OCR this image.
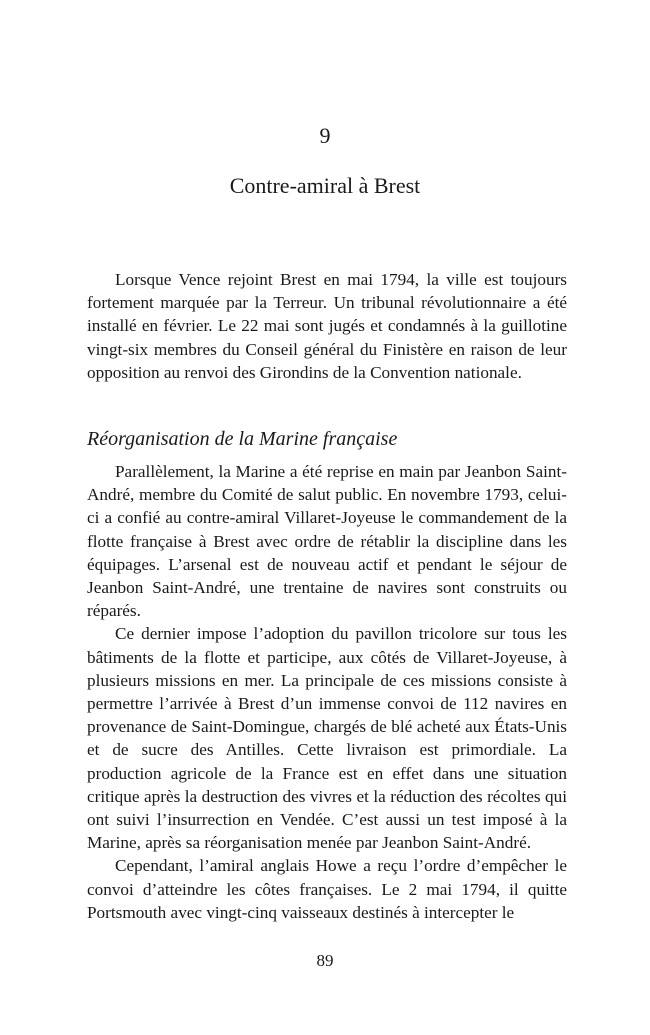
9
Contre-amiral à Brest

Lorsque Vence rejoint Brest en mai 1794, la ville est toujours fortement marquée par la Terreur. Un tribunal révolutionnaire a été installé en février. Le 22 mai sont jugés et condamnés à la guillotine vingt-six membres du Conseil général du Finistère en raison de leur opposition au renvoi des Girondins de la Convention nationale.

Réorganisation de la Marine française

Parallèlement, la Marine a été reprise en main par Jeanbon Saint-André, membre du Comité de salut public. En novembre 1793, celui-ci a confié au contre-amiral Villaret-Joyeuse le commandement de la flotte française à Brest avec ordre de rétablir la discipline dans les équipages. L’arsenal est de nouveau actif et pendant le séjour de Jeanbon Saint-André, une trentaine de navires sont construits ou réparés.

Ce dernier impose l’adoption du pavillon tricolore sur tous les bâtiments de la flotte et participe, aux côtés de Villaret-Joyeuse, à plusieurs missions en mer. La principale de ces missions consiste à permettre l’arrivée à Brest d’un immense convoi de 112 navires en provenance de Saint-Domingue, chargés de blé acheté aux États-Unis et de sucre des Antilles. Cette livraison est primordiale. La production agricole de la France est en effet dans une situation critique après la destruction des vivres et la réduction des récoltes qui ont suivi l’insurrection en Vendée. C’est aussi un test imposé à la Marine, après sa réorganisation menée par Jeanbon Saint-André.

Cependant, l’amiral anglais Howe a reçu l’ordre d’empêcher le convoi d’atteindre les côtes françaises. Le 2 mai 1794, il quitte Portsmouth avec vingt-cinq vaisseaux destinés à intercepter le

89
